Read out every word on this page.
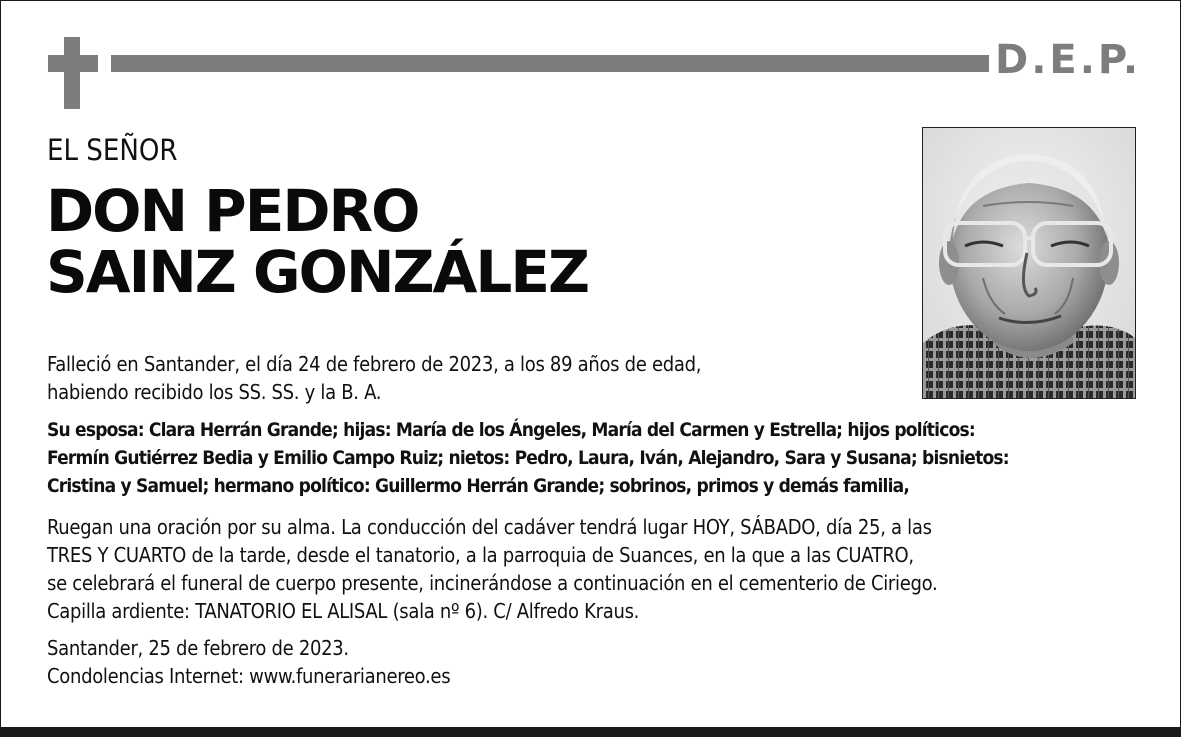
D.E.P.
EL SEÑOR
DON PEDRO
SAINZ GONZÁLEZ
Falleció en Santander, el día 24 de febrero de 2023, a los 89 años de edad,
habiendo recibido los SS. SS. y la B. A.
Su esposa: Clara Herrán Grande; hijas: María de los Ángeles, María del Carmen y Estrella; hijos políticos:
Fermín Gutiérrez Bedia y Emilio Campo Ruiz; nietos: Pedro, Laura, Iván, Alejandro, Sara y Susana; bisnietos:
Cristina y Samuel; hermano político: Guillermo Herrán Grande; sobrinos, primos y demás familia,
Ruegan una oración por su alma. La conducción del cadáver tendrá lugar HOY, SÁBADO, día 25, a las
TRES Y CUARTO de la tarde, desde el tanatorio, a la parroquia de Suances, en la que a las CUATRO,
se celebrará el funeral de cuerpo presente, incinerándose a continuación en el cementerio de Ciriego.
Capilla ardiente: TANATORIO EL ALISAL (sala nº 6). C/ Alfredo Kraus.
Santander, 25 de febrero de 2023.
Condolencias Internet: www.funerarianereo.es
